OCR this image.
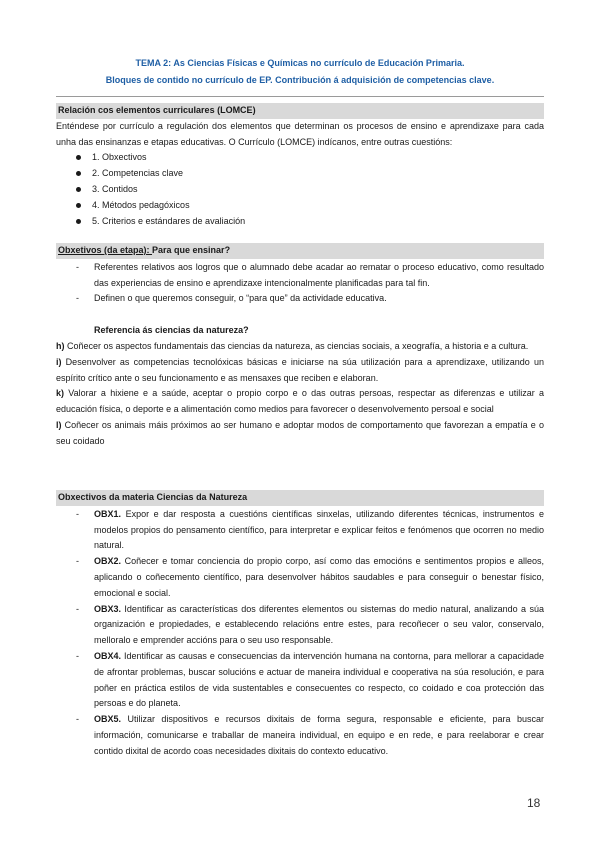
TEMA 2: As Ciencias Físicas e Químicas no currículo de Educación Primaria.
Bloques de contido no currículo de EP. Contribución á adquisición de competencias clave.
Relación cos elementos curriculares (LOMCE)
Enténdese por currículo a regulación dos elementos que determinan os procesos de ensino e aprendizaxe para cada unha das ensinanzas e etapas educativas. O Currículo (LOMCE) indícanos, entre outras cuestións:
1. Obxectivos
2. Competencias clave
3. Contidos
4. Métodos pedagóxicos
5. Criterios e estándares de avaliación
Obxetivos (da etapa): Para que ensinar?
- Referentes relativos aos logros que o alumnado debe acadar ao rematar o proceso educativo, como resultado das experiencias de ensino e aprendizaxe intencionalmente planificadas para tal fin.
- Definen o que queremos conseguir, o “para que” da actividade educativa.
Referencia ás ciencias da natureza?
h) Coñecer os aspectos fundamentais das ciencias da natureza, as ciencias sociais, a xeografía, a historia e a cultura.
i) Desenvolver as competencias tecnolóxicas básicas e iniciarse na súa utilización para a aprendizaxe, utilizando un espírito crítico ante o seu funcionamento e as mensaxes que reciben e elaboran.
k) Valorar a hixiene e a saúde, aceptar o propio corpo e o das outras persoas, respectar as diferenzas e utilizar a educación física, o deporte e a alimentación como medios para favorecer o desenvolvemento persoal e social
l) Coñecer os animais máis próximos ao ser humano e adoptar modos de comportamento que favorezan a empatía e o seu coidado
Obxectivos da materia Ciencias da Natureza
- OBX1. Expor e dar resposta a cuestións científicas sinxelas, utilizando diferentes técnicas, instrumentos e modelos propios do pensamento científico, para interpretar e explicar feitos e fenómenos que ocorren no medio natural.
- OBX2. Coñecer e tomar conciencia do propio corpo, así como das emocións e sentimentos propios e alleos, aplicando o coñecemento científico, para desenvolver hábitos saudables e para conseguir o benestar físico, emocional e social.
- OBX3. Identificar as características dos diferentes elementos ou sistemas do medio natural, analizando a súa organización e propiedades, e establecendo relacións entre estes, para recoñecer o seu valor, conservalo, melloralo e emprender accións para o seu uso responsable.
- OBX4. Identificar as causas e consecuencias da intervención humana na contorna, para mellorar a capacidade de afrontar problemas, buscar solucións e actuar de maneira individual e cooperativa na súa resolución, e para poñer en práctica estilos de vida sustentables e consecuentes co respecto, co coidado e coa protección das persoas e do planeta.
- OBX5. Utilizar dispositivos e recursos dixitais de forma segura, responsable e eficiente, para buscar información, comunicarse e traballar de maneira individual, en equipo e en rede, e para reelaborar e crear contido dixital de acordo coas necesidades dixitais do contexto educativo.
18
